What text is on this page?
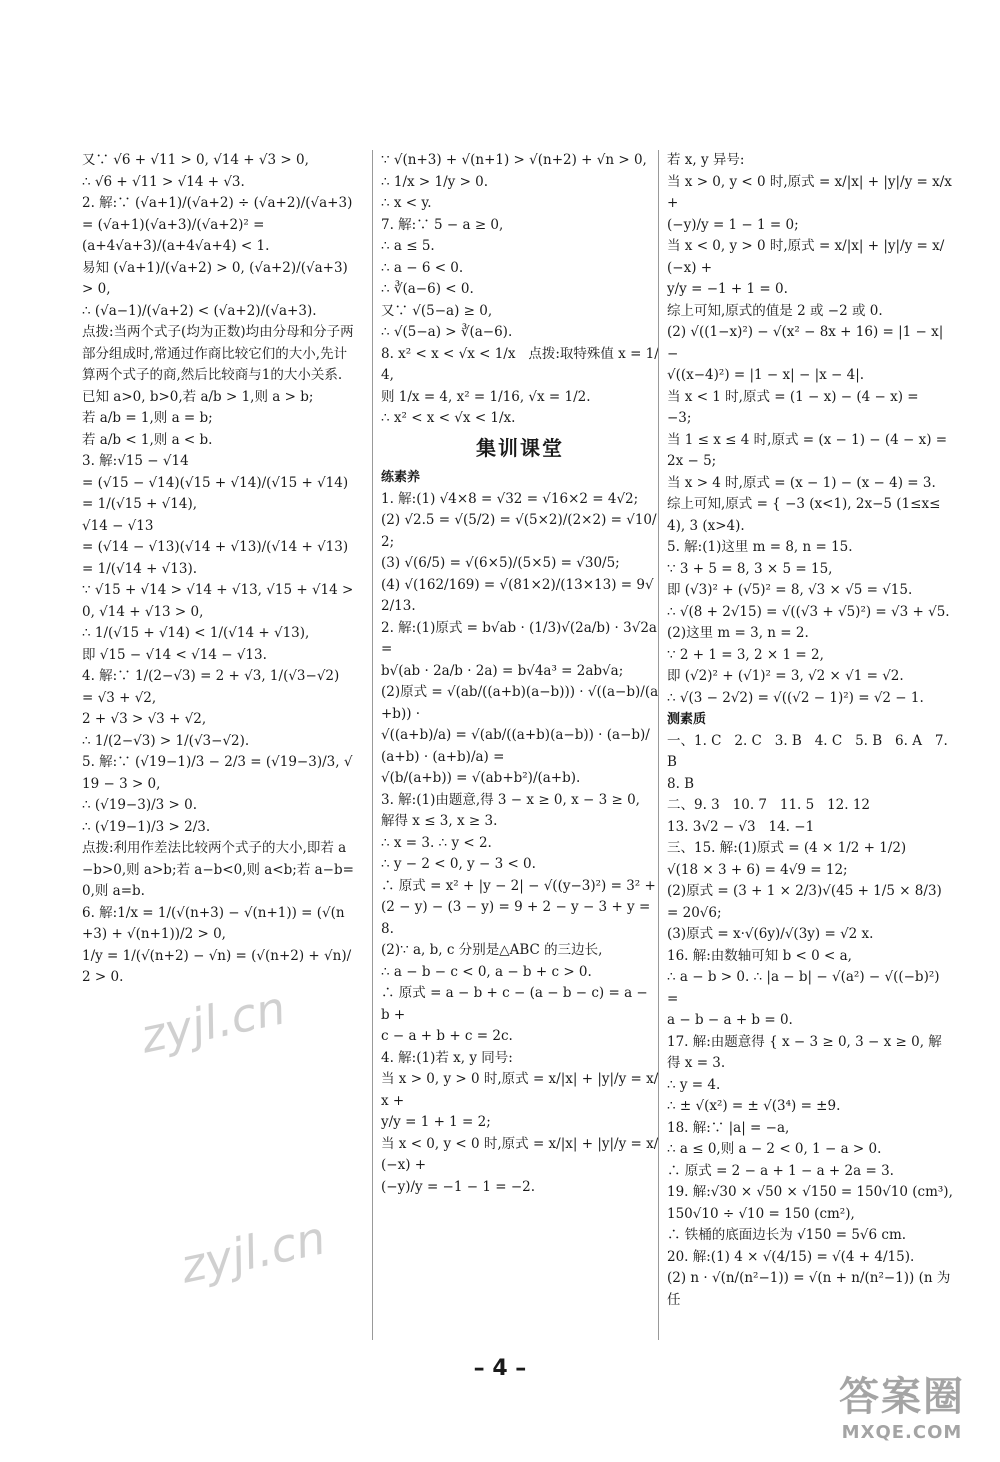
又∵ √6 + √11 > 0, √14 + √3 > 0,

∴ √6 + √11 > √14 + √3.

2. 解:∵ (√a+1)/(√a+2) ÷ (√a+2)/(√a+3) = (√a+1)(√a+3)/(√a+2)² =

(a+4√a+3)/(a+4√a+4) < 1.

易知 (√a+1)/(√a+2) > 0, (√a+2)/(√a+3) > 0,

∴ (√a−1)/(√a+2) < (√a+2)/(√a+3).

点拨:当两个式子(均为正数)均由分母和分子两部分组成时,常通过作商比较它们的大小,先计算两个式子的商,然后比较商与1的大小关系.

已知 a>0, b>0,若 a/b > 1,则 a > b;

若 a/b = 1,则 a = b;

若 a/b < 1,则 a < b.

3. 解:√15 − √14

= (√15 − √14)(√15 + √14)/(√15 + √14)

= 1/(√15 + √14),

√14 − √13

= (√14 − √13)(√14 + √13)/(√14 + √13)

= 1/(√14 + √13).

∵ √15 + √14 > √14 + √13, √15 + √14 > 0, √14 + √13 > 0,

∴ 1/(√15 + √14) < 1/(√14 + √13),

即 √15 − √14 < √14 − √13.

4. 解:∵ 1/(2−√3) = 2 + √3, 1/(√3−√2) = √3 + √2,

2 + √3 > √3 + √2,

∴ 1/(2−√3) > 1/(√3−√2).

5. 解:∵ (√19−1)/3 − 2/3 = (√19−3)/3, √19 − 3 > 0,

∴ (√19−3)/3 > 0.

∴ (√19−1)/3 > 2/3.

点拨:利用作差法比较两个式子的大小,即若 a−b>0,则 a>b;若 a−b<0,则 a<b;若 a−b=0,则 a=b.

6. 解:1/x = 1/(√(n+3) − √(n+1)) = (√(n+3) + √(n+1))/2 > 0,

1/y = 1/(√(n+2) − √n) = (√(n+2) + √n)/2 > 0.

∵ √(n+3) + √(n+1) > √(n+2) + √n > 0,

∴ 1/x > 1/y > 0.

∴ x < y.

7. 解:∵ 5 − a ≥ 0,

∴ a ≤ 5.

∴ a − 6 < 0.

∴ ∛(a−6) < 0.

又∵ √(5−a) ≥ 0,

∴ √(5−a) > ∛(a−6).

8. x² < x < √x < 1/x   点拨:取特殊值 x = 1/4,

则 1/x = 4, x² = 1/16, √x = 1/2.

∴ x² < x < √x < 1/x.

集训课堂

练素养

1. 解:(1) √4×8 = √32 = √16×2 = 4√2;

(2) √2.5 = √(5/2) = √(5×2)/(2×2) = √10/2;

(3) √(6/5) = √(6×5)/(5×5) = √30/5;

(4) √(162/169) = √(81×2)/(13×13) = 9√2/13.

2. 解:(1)原式 = b√ab · (1/3)√(2a/b) · 3√2a =

b√(ab · 2a/b · 2a) = b√4a³ = 2ab√a;

(2)原式 = √(ab/((a+b)(a−b))) · √((a−b)/(a+b)) ·

√((a+b)/a) = √(ab/((a+b)(a−b)) · (a−b)/(a+b) · (a+b)/a) =

√(b/(a+b)) = √(ab+b²)/(a+b).

3. 解:(1)由题意,得 3 − x ≥ 0, x − 3 ≥ 0,

解得 x ≤ 3, x ≥ 3.

∴ x = 3. ∴ y < 2.

∴ y − 2 < 0, y − 3 < 0.

∴ 原式 = x² + |y − 2| − √((y−3)²) = 3² +

(2 − y) − (3 − y) = 9 + 2 − y − 3 + y = 8.

(2)∵ a, b, c 分别是△ABC 的三边长,

∴ a − b − c < 0, a − b + c > 0.

∴ 原式 = a − b + c − (a − b − c) = a − b +

c − a + b + c = 2c.

4. 解:(1)若 x, y 同号:

当 x > 0, y > 0 时,原式 = x/|x| + |y|/y = x/x +

y/y = 1 + 1 = 2;

当 x < 0, y < 0 时,原式 = x/|x| + |y|/y = x/(−x) +

(−y)/y = −1 − 1 = −2.

若 x, y 异号:

当 x > 0, y < 0 时,原式 = x/|x| + |y|/y = x/x +

(−y)/y = 1 − 1 = 0;

当 x < 0, y > 0 时,原式 = x/|x| + |y|/y = x/(−x) +

y/y = −1 + 1 = 0.

综上可知,原式的值是 2 或 −2 或 0.

(2) √((1−x)²) − √(x² − 8x + 16) = |1 − x| −

√((x−4)²) = |1 − x| − |x − 4|.

当 x < 1 时,原式 = (1 − x) − (4 − x) =

−3;

当 1 ≤ x ≤ 4 时,原式 = (x − 1) − (4 − x) =

2x − 5;

当 x > 4 时,原式 = (x − 1) − (x − 4) = 3.

综上可知,原式 = { −3 (x<1), 2x−5 (1≤x≤4), 3 (x>4).

5. 解:(1)这里 m = 8, n = 15.

∵ 3 + 5 = 8, 3 × 5 = 15,

即 (√3)² + (√5)² = 8, √3 × √5 = √15.

∴ √(8 + 2√15) = √((√3 + √5)²) = √3 + √5.

(2)这里 m = 3, n = 2.

∵ 2 + 1 = 3, 2 × 1 = 2,

即 (√2)² + (√1)² = 3, √2 × √1 = √2.

∴ √(3 − 2√2) = √((√2 − 1)²) = √2 − 1.

测素质

一、1. C   2. C   3. B   4. C   5. B   6. A   7. B

8. B

二、9. 3   10. 7   11. 5   12. 12

13. 3√2 − √3   14. −1

三、15. 解:(1)原式 = (4 × 1/2 + 1/2)

√(18 × 3 + 6) = 4√9 = 12;

(2)原式 = (3 + 1 × 2/3)√(45 + 1/5 × 8/3)

= 20√6;

(3)原式 = x·√(6y)/√(3y) = √2 x.

16. 解:由数轴可知 b < 0 < a,

∴ a − b > 0. ∴ |a − b| − √(a²) − √((−b)²) =

a − b − a + b = 0.

17. 解:由题意得 { x − 3 ≥ 0, 3 − x ≥ 0, 解得 x = 3.

∴ y = 4.

∴ ± √(x²) = ± √(3⁴) = ±9.

18. 解:∵ |a| = −a,

∴ a ≤ 0,则 a − 2 < 0, 1 − a > 0.

∴ 原式 = 2 − a + 1 − a + 2a = 3.

19. 解:√30 × √50 × √150 = 150√10 (cm³),

150√10 ÷ √10 = 150 (cm²),

∴ 铁桶的底面边长为 √150 = 5√6 cm.

20. 解:(1) 4 × √(4/15) = √(4 + 4/15).

(2) n · √(n/(n²−1)) = √(n + n/(n²−1)) (n 为任

– 4 –
zyjl.cn
zyjl.cn
答案圈
MXQE.COM
